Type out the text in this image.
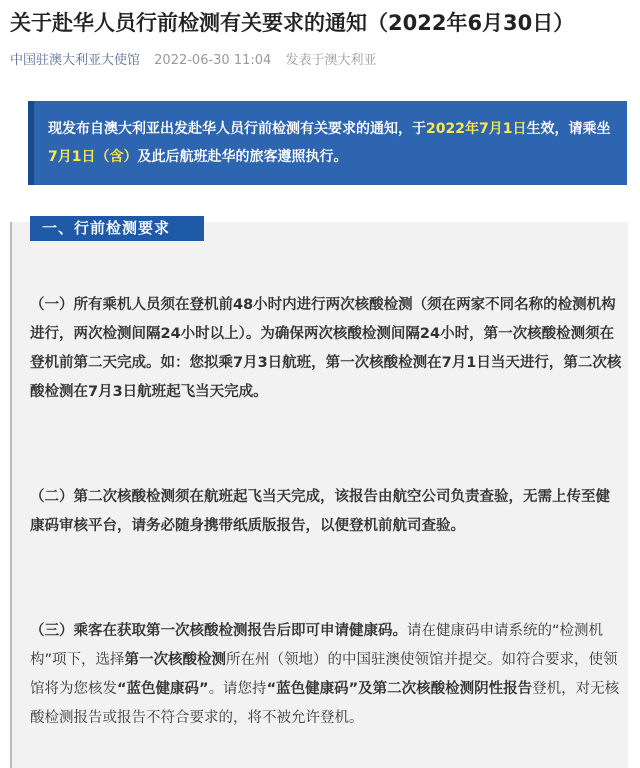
关于赴华人员行前检测有关要求的通知（2022年6月30日）
中国驻澳大利亚大使馆 2022-06-30 11:04 发表于澳大利亚
现发布自澳大利亚出发赴华人员行前检测有关要求的通知，于2022年7月1日生效，请乘坐7月1日（含）及此后航班赴华的旅客遵照执行。
一、行前检测要求
（一）所有乘机人员须在登机前48小时内进行两次核酸检测（须在两家不同名称的检测机构进行，两次检测间隔24小时以上）。为确保两次核酸检测间隔24小时，第一次核酸检测须在登机前第二天完成。如：您拟乘7月3日航班，第一次核酸检测在7月1日当天进行，第二次核酸检测在7月3日航班起飞当天完成。
（二）第二次核酸检测须在航班起飞当天完成，该报告由航空公司负责查验，无需上传至健康码审核平台，请务必随身携带纸质版报告，以便登机前航司查验。
（三）乘客在获取第一次核酸检测报告后即可申请健康码。请在健康码申请系统的“检测机构”项下，选择第一次核酸检测所在州（领地）的中国驻澳使领馆并提交。如符合要求，使领馆将为您核发“蓝色健康码”。请您持“蓝色健康码”及第二次核酸检测阴性报告登机，对无核酸检测报告或报告不符合要求的，将不被允许登机。
